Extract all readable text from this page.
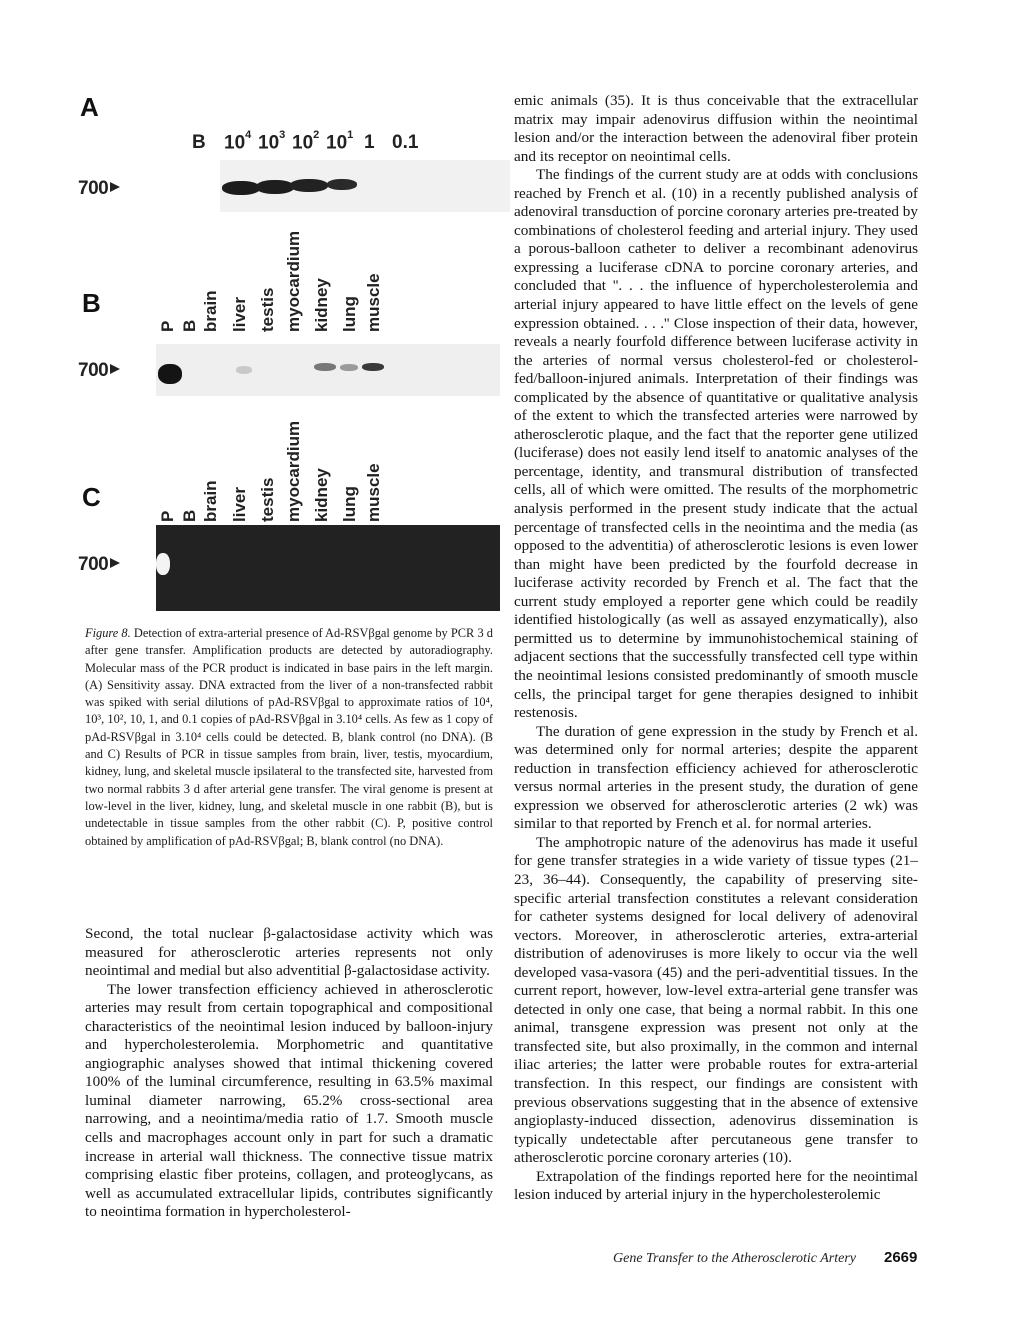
A
B $10^4$ $10^3$ $10^2$ $10^1$ 1 0.1
700
B
P B brain liver testis myocardium kidney lung muscle
700
C
P B brain liver testis myocardium kidney lung muscle
700
Figure 8. Detection of extra-arterial presence of Ad-RSVβgal genome by PCR 3 d after gene transfer. Amplification products are detected by autoradiography. Molecular mass of the PCR product is indicated in base pairs in the left margin. (A) Sensitivity assay. DNA extracted from the liver of a non-transfected rabbit was spiked with serial dilutions of pAd-RSVβgal to approximate ratios of 10⁴, 10³, 10², 10, 1, and 0.1 copies of pAd-RSVβgal in 3.10⁴ cells. As few as 1 copy of pAd-RSVβgal in 3.10⁴ cells could be detected. B, blank control (no DNA). (B and C) Results of PCR in tissue samples from brain, liver, testis, myocardium, kidney, lung, and skeletal muscle ipsilateral to the transfected site, harvested from two normal rabbits 3 d after arterial gene transfer. The viral genome is present at low-level in the liver, kidney, lung, and skeletal muscle in one rabbit (B), but is undetectable in tissue samples from the other rabbit (C). P, positive control obtained by amplification of pAd-RSVβgal; B, blank control (no DNA).

Second, the total nuclear β-galactosidase activity which was measured for atherosclerotic arteries represents not only neointimal and medial but also adventitial β-galactosidase activity.

The lower transfection efficiency achieved in atherosclerotic arteries may result from certain topographical and compositional characteristics of the neointimal lesion induced by balloon-injury and hypercholesterolemia. Morphometric and quantitative angiographic analyses showed that intimal thickening covered 100% of the luminal circumference, resulting in 63.5% maximal luminal diameter narrowing, 65.2% cross-sectional area narrowing, and a neointima/media ratio of 1.7. Smooth muscle cells and macrophages account only in part for such a dramatic increase in arterial wall thickness. The connective tissue matrix comprising elastic fiber proteins, collagen, and proteoglycans, as well as accumulated extracellular lipids, contributes significantly to neointima formation in hypercholesterol-

emic animals (35). It is thus conceivable that the extracellular matrix may impair adenovirus diffusion within the neointimal lesion and/or the interaction between the adenoviral fiber protein and its receptor on neointimal cells.

The findings of the current study are at odds with conclusions reached by French et al. (10) in a recently published analysis of adenoviral transduction of porcine coronary arteries pre-treated by combinations of cholesterol feeding and arterial injury. They used a porous-balloon catheter to deliver a recombinant adenovirus expressing a luciferase cDNA to porcine coronary arteries, and concluded that ''. . . the influence of hypercholesterolemia and arterial injury appeared to have little effect on the levels of gene expression obtained. . . .'' Close inspection of their data, however, reveals a nearly fourfold difference between luciferase activity in the arteries of normal versus cholesterol-fed or cholesterol-fed/balloon-injured animals. Interpretation of their findings was complicated by the absence of quantitative or qualitative analysis of the extent to which the transfected arteries were narrowed by atherosclerotic plaque, and the fact that the reporter gene utilized (luciferase) does not easily lend itself to anatomic analyses of the percentage, identity, and transmural distribution of transfected cells, all of which were omitted. The results of the morphometric analysis performed in the present study indicate that the actual percentage of transfected cells in the neointima and the media (as opposed to the adventitia) of atherosclerotic lesions is even lower than might have been predicted by the fourfold decrease in luciferase activity recorded by French et al. The fact that the current study employed a reporter gene which could be readily identified histologically (as well as assayed enzymatically), also permitted us to determine by immunohistochemical staining of adjacent sections that the successfully transfected cell type within the neointimal lesions consisted predominantly of smooth muscle cells, the principal target for gene therapies designed to inhibit restenosis.

The duration of gene expression in the study by French et al. was determined only for normal arteries; despite the apparent reduction in transfection efficiency achieved for atherosclerotic versus normal arteries in the present study, the duration of gene expression we observed for atherosclerotic arteries (2 wk) was similar to that reported by French et al. for normal arteries.

The amphotropic nature of the adenovirus has made it useful for gene transfer strategies in a wide variety of tissue types (21–23, 36–44). Consequently, the capability of preserving site-specific arterial transfection constitutes a relevant consideration for catheter systems designed for local delivery of adenoviral vectors. Moreover, in atherosclerotic arteries, extra-arterial distribution of adenoviruses is more likely to occur via the well developed vasa-vasora (45) and the peri-adventitial tissues. In the current report, however, low-level extra-arterial gene transfer was detected in only one case, that being a normal rabbit. In this one animal, transgene expression was present not only at the transfected site, but also proximally, in the common and internal iliac arteries; the latter were probable routes for extra-arterial transfection. In this respect, our findings are consistent with previous observations suggesting that in the absence of extensive angioplasty-induced dissection, adenovirus dissemination is typically undetectable after percutaneous gene transfer to atherosclerotic porcine coronary arteries (10).

Extrapolation of the findings reported here for the neointimal lesion induced by arterial injury in the hypercholesterolemic

Gene Transfer to the Atherosclerotic Artery 2669
